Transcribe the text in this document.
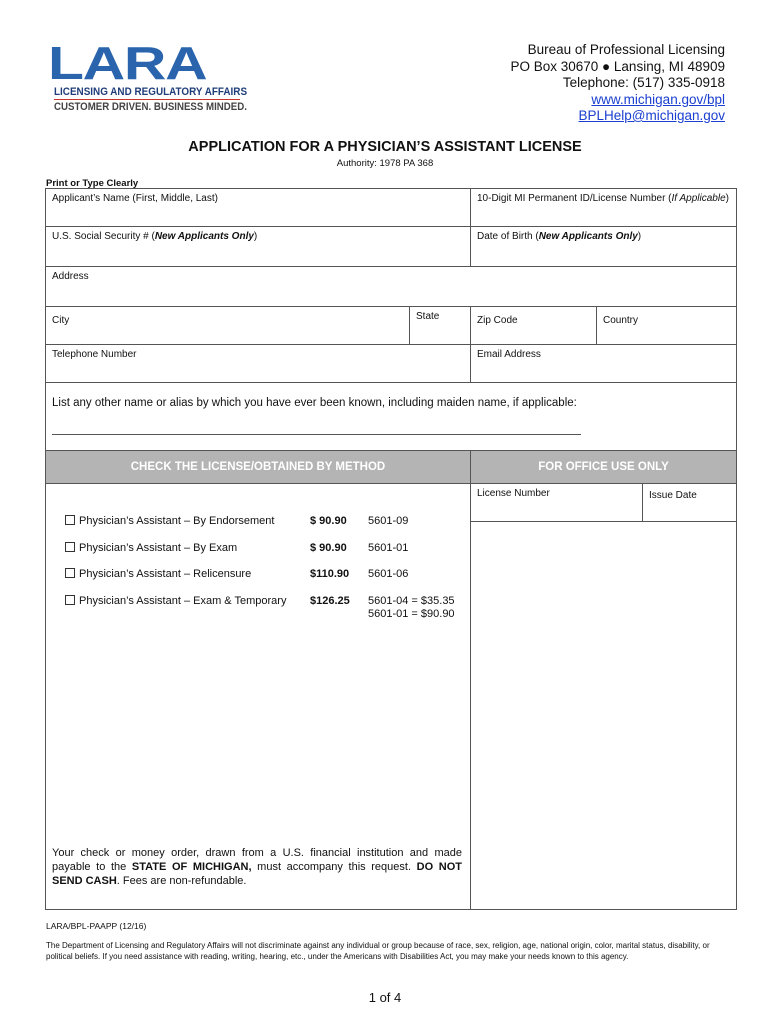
LARA
LICENSING AND REGULATORY AFFAIRS
CUSTOMER DRIVEN. BUSINESS MINDED.
Bureau of Professional Licensing
PO Box 30670 ● Lansing, MI 48909
Telephone: (517) 335-0918
www.michigan.gov/bpl
BPLHelp@michigan.gov
APPLICATION FOR A PHYSICIAN’S ASSISTANT LICENSE
Authority: 1978 PA 368
Print or Type Clearly
Applicant’s Name (First, Middle, Last)	10-Digit MI Permanent ID/License Number (If Applicable)
U.S. Social Security # (New Applicants Only)	Date of Birth (New Applicants Only)
Address
City	State	Zip Code	Country
Telephone Number	Email Address
List any other name or alias by which you have ever been known, including maiden name, if applicable:
CHECK THE LICENSE/OBTAINED BY METHOD	FOR OFFICE USE ONLY
License Number	Issue Date
Physician’s Assistant – By Endorsement	$ 90.90 5601-09
Physician’s Assistant – By Exam	$ 90.90 5601-01
Physician’s Assistant – Relicensure	$110.90 5601-06
Physician’s Assistant – Exam & Temporary $126.25 5601-04 = $35.35
5601-01 = $90.90
Your check or money order, drawn from a U.S. financial institution and made payable to the STATE OF MICHIGAN, must accompany this request. DO NOT SEND CASH. Fees are non-refundable.
LARA/BPL-PAAPP (12/16)
The Department of Licensing and Regulatory Affairs will not discriminate against any individual or group because of race, sex, religion, age, national origin, color, marital status, disability, or political beliefs. If you need assistance with reading, writing, hearing, etc., under the Americans with Disabilities Act, you may make your needs known to this agency.
1 of 4
